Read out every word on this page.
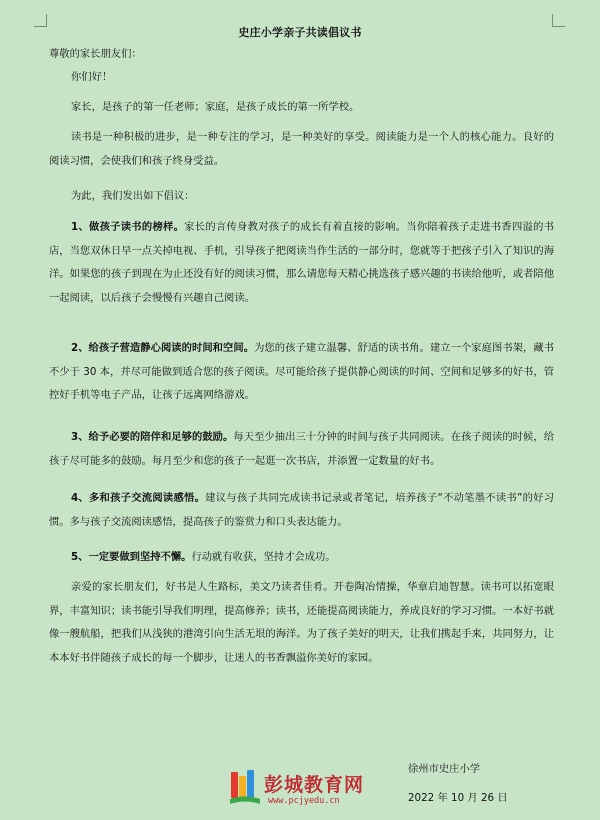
史庄小学亲子共读倡议书
尊敬的家长朋友们：
你们好！
家长，是孩子的第一任老师；家庭，是孩子成长的第一所学校。
读书是一种积极的进步，是一种专注的学习，是一种美好的享受。阅读能力是一个人的核心能力。良好的阅读习惯，会使我们和孩子终身受益。
为此，我们发出如下倡议：
1、做孩子读书的榜样。家长的言传身教对孩子的成长有着直接的影响。当你陪着孩子走进书香四溢的书店，当您双休日早一点关掉电视、手机，引导孩子把阅读当作生活的一部分时，您就等于把孩子引入了知识的海洋。如果您的孩子到现在为止还没有好的阅读习惯，那么请您每天精心挑选孩子感兴趣的书读给他听，或者陪他一起阅读，以后孩子会慢慢有兴趣自己阅读。
2、给孩子营造静心阅读的时间和空间。为您的孩子建立温馨、舒适的读书角。建立一个家庭图书架，藏书不少于 30 本，并尽可能做到适合您的孩子阅读。尽可能给孩子提供静心阅读的时间、空间和足够多的好书，管控好手机等电子产品，让孩子远离网络游戏。
3、给予必要的陪伴和足够的鼓励。每天至少抽出三十分钟的时间与孩子共同阅读。在孩子阅读的时候，给孩子尽可能多的鼓励。每月至少和您的孩子一起逛一次书店，并添置一定数量的好书。
4、多和孩子交流阅读感悟。建议与孩子共同完成读书记录或者笔记，培养孩子“不动笔墨不读书”的好习惯。多与孩子交流阅读感悟，提高孩子的鉴赏力和口头表达能力。
5、一定要做到坚持不懈。行动就有收获，坚持才会成功。
亲爱的家长朋友们，好书是人生路标，美文乃读者佳肴。开卷陶冶情操，华章启迪智慧。读书可以拓宽眼界，丰富知识；读书能引导我们明理，提高修养；读书，还能提高阅读能力，养成良好的学习习惯。一本好书就像一艘航船，把我们从浅狭的港湾引向生活无垠的海洋。为了孩子美好的明天，让我们携起手来，共同努力，让本本好书伴随孩子成长的每一个脚步，让迷人的书香飘溢你美好的家园。
徐州市史庄小学
2022 年 10 月 26 日
彭城教育网
www.pcjyedu.cn
